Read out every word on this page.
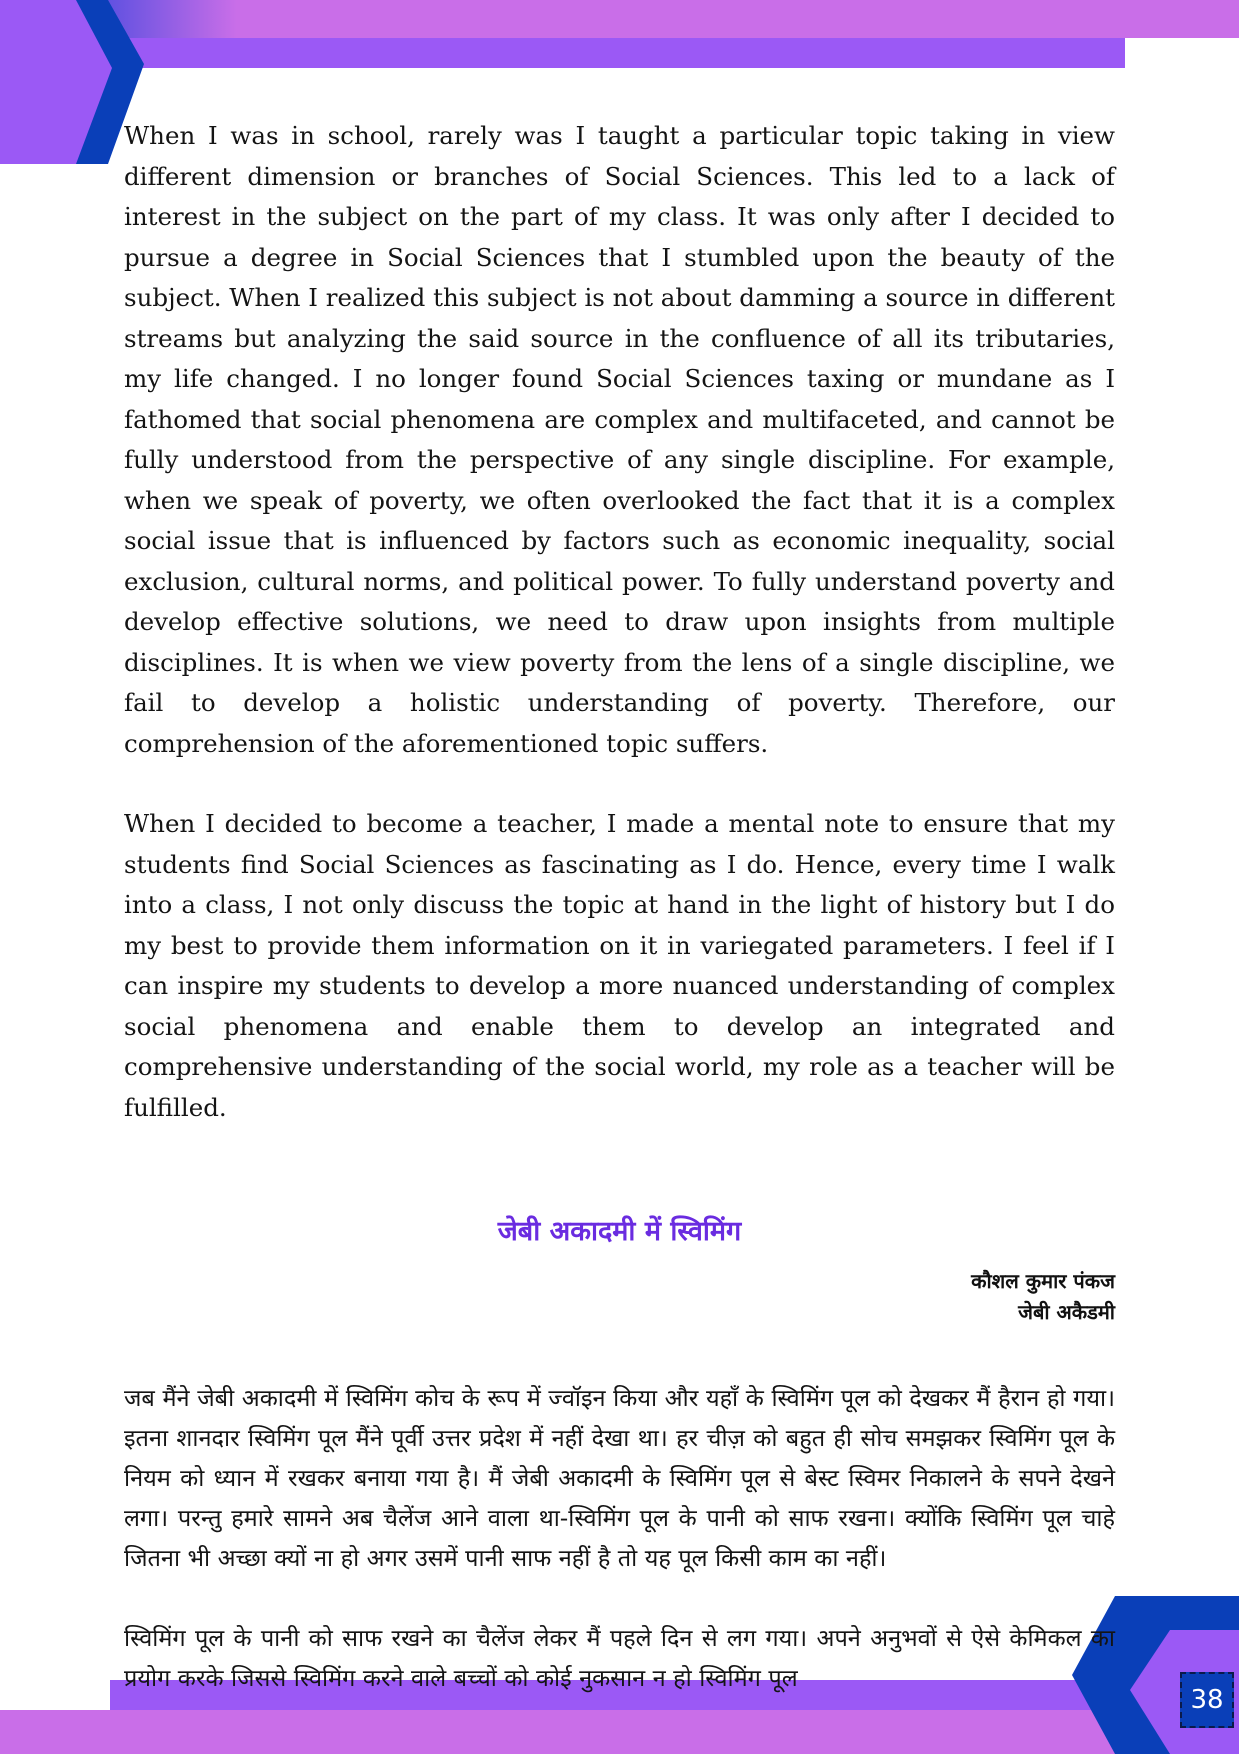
When I was in school, rarely was I taught a particular topic taking in view different dimension or branches of Social Sciences. This led to a lack of interest in the subject on the part of my class. It was only after I decided to pursue a degree in Social Sciences that I stumbled upon the beauty of the subject. When I realized this subject is not about damming a source in different streams but analyzing the said source in the confluence of all its tributaries, my life changed. I no longer found Social Sciences taxing or mundane as I fathomed that social phenomena are complex and multifaceted, and cannot be fully understood from the perspective of any single discipline. For example, when we speak of poverty, we often overlooked the fact that it is a complex social issue that is influenced by factors such as economic inequality, social exclusion, cultural norms, and political power. To fully understand poverty and develop effective solutions, we need to draw upon insights from multiple disciplines. It is when we view poverty from the lens of a single discipline, we fail to develop a holistic understanding of poverty. Therefore, our comprehension of the aforementioned topic suffers.

When I decided to become a teacher, I made a mental note to ensure that my students find Social Sciences as fascinating as I do. Hence, every time I walk into a class, I not only discuss the topic at hand in the light of history but I do my best to provide them information on it in variegated parameters. I feel if I can inspire my students to develop a more nuanced understanding of complex social phenomena and enable them to develop an integrated and comprehensive understanding of the social world, my role as a teacher will be fulfilled.

जेबी अकादमी में स्विमिंग
कौशल कुमार पंकज
जेबी अकैडमी

जब मैंने जेबी अकादमी में स्विमिंग कोच के रूप में ज्वॉइन किया और यहाँ के स्विमिंग पूल को देखकर मैं हैरान हो गया। इतना शानदार स्विमिंग पूल मैंने पूर्वी उत्तर प्रदेश में नहीं देखा था। हर चीज़ को बहुत ही सोच समझकर स्विमिंग पूल के नियम को ध्यान में रखकर बनाया गया है। मैं जेबी अकादमी के स्विमिंग पूल से बेस्ट स्विमर निकालने के सपने देखने लगा। परन्तु हमारे सामने अब चैलेंज आने वाला था-स्विमिंग पूल के पानी को साफ रखना। क्योंकि स्विमिंग पूल चाहे जितना भी अच्छा क्यों ना हो अगर उसमें पानी साफ नहीं है तो यह पूल किसी काम का नहीं।

स्विमिंग पूल के पानी को साफ रखने का चैलेंज लेकर मैं पहले दिन से लग गया। अपने अनुभवों से ऐसे केमिकल का प्रयोग करके जिससे स्विमिंग करने वाले बच्चों को कोई नुकसान न हो स्विमिंग पूल

38
